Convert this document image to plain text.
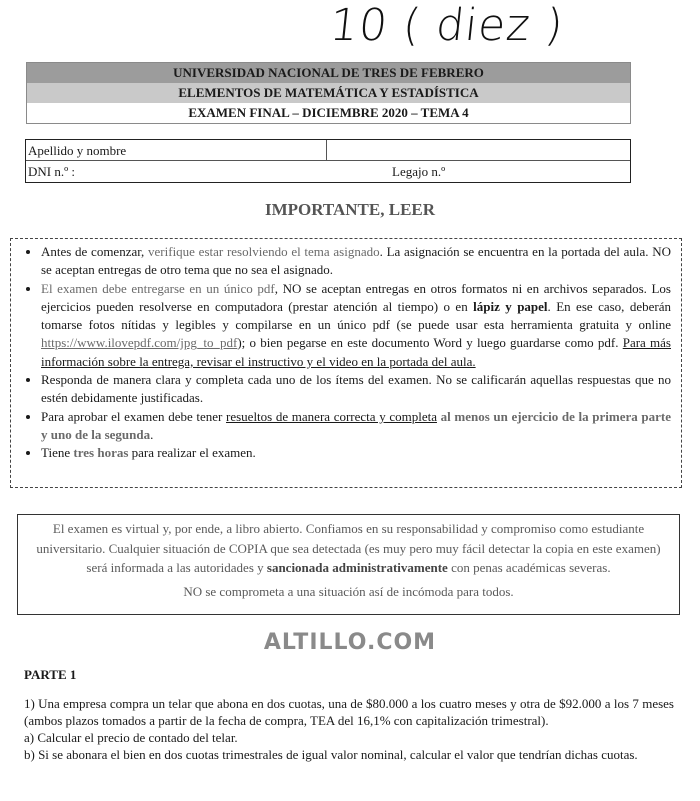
10 ( diez )
UNIVERSIDAD NACIONAL DE TRES DE FEBRERO
ELEMENTOS DE MATEMÁTICA Y ESTADÍSTICA
EXAMEN FINAL – DICIEMBRE 2020 – TEMA 4
Apellido y nombre
DNI n.º :	Legajo n.º
IMPORTANTE, LEER
• Antes de comenzar, verifique estar resolviendo el tema asignado. La asignación se encuentra en la portada del aula. NO se aceptan entregas de otro tema que no sea el asignado.
• El examen debe entregarse en un único pdf, NO se aceptan entregas en otros formatos ni en archivos separados. Los ejercicios pueden resolverse en computadora (prestar atención al tiempo) o en lápiz y papel. En ese caso, deberán tomarse fotos nítidas y legibles y compilarse en un único pdf (se puede usar esta herramienta gratuita y online https://www.ilovepdf.com/jpg_to_pdf); o bien pegarse en este documento Word y luego guardarse como pdf. Para más información sobre la entrega, revisar el instructivo y el video en la portada del aula.
• Responda de manera clara y completa cada uno de los ítems del examen. No se calificarán aquellas respuestas que no estén debidamente justificadas.
• Para aprobar el examen debe tener resueltos de manera correcta y completa al menos un ejercicio de la primera parte y uno de la segunda.
• Tiene tres horas para realizar el examen.

El examen es virtual y, por ende, a libro abierto. Confiamos en su responsabilidad y compromiso como estudiante universitario. Cualquier situación de COPIA que sea detectada (es muy pero muy fácil detectar la copia en este examen) será informada a las autoridades y sancionada administrativamente con penas académicas severas.

NO se comprometa a una situación así de incómoda para todos.

ALTILLO.COM
PARTE 1
1) Una empresa compra un telar que abona en dos cuotas, una de $80.000 a los cuatro meses y otra de $92.000 a los 7 meses (ambos plazos tomados a partir de la fecha de compra, TEA del 16,1% con capitalización trimestral).
a) Calcular el precio de contado del telar.
b) Si se abonara el bien en dos cuotas trimestrales de igual valor nominal, calcular el valor que tendrían dichas cuotas.
